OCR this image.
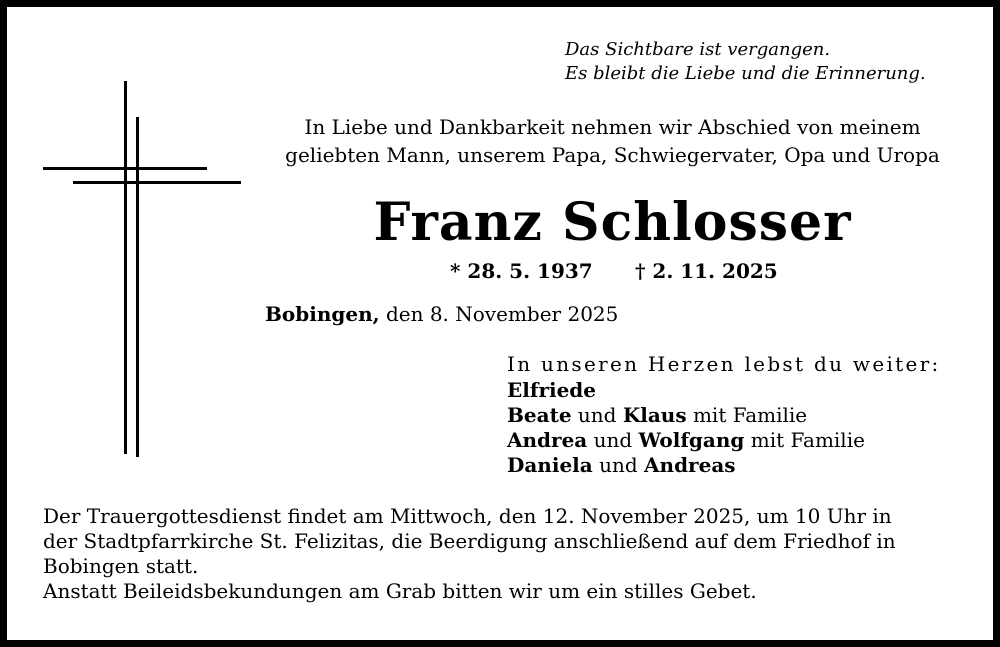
Das Sichtbare ist vergangen.
Es bleibt die Liebe und die Erinnerung.
In Liebe und Dankbarkeit nehmen wir Abschied von meinem
geliebten Mann, unserem Papa, Schwiegervater, Opa und Uropa
Franz Schlosser
* 28. 5. 1937 † 2. 11. 2025
Bobingen, den 8. November 2025
In unseren Herzen lebst du weiter:
Elfriede
Beate und Klaus mit Familie
Andrea und Wolfgang mit Familie
Daniela und Andreas
Der Trauergottesdienst findet am Mittwoch, den 12. November 2025, um 10 Uhr in
der Stadtpfarrkirche St. Felizitas, die Beerdigung anschließend auf dem Friedhof in
Bobingen statt.
Anstatt Beileidsbekundungen am Grab bitten wir um ein stilles Gebet.
